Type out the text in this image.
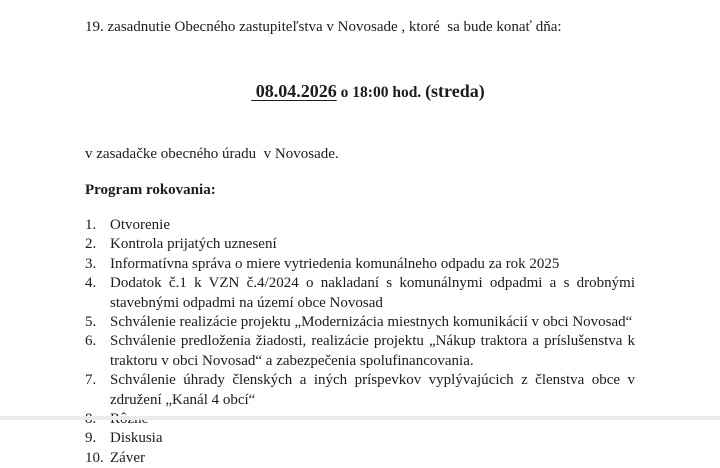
19. zasadnutie Obecného zastupiteľstva v Novosade , ktoré  sa bude konať dňa:

08.04.2026 o 18:00 hod. (streda)

v zasadačke obecného úradu  v Novosade.
Program rokovania:
1. Otvorenie
2. Kontrola prijatých uznesení
3. Informatívna správa o miere vytriedenia komunálneho odpadu za rok 2025
4. Dodatok č.1 k VZN č.4/2024 o nakladaní s komunálnymi odpadmi a s drobnými stavebnými odpadmi na území obce Novosad
5. Schválenie realizácie projektu „Modernizácia miestnych komunikácií v obci Novosad“
6. Schválenie predloženia žiadosti, realizácie projektu „Nákup traktora a príslušenstva k traktoru v obci Novosad“ a zabezpečenia spolufinancovania.
7. Schválenie úhrady členských a iných príspevkov vyplývajúcich z členstva obce v združení „Kanál 4 obcí“
9. Diskusia
10. Záver
